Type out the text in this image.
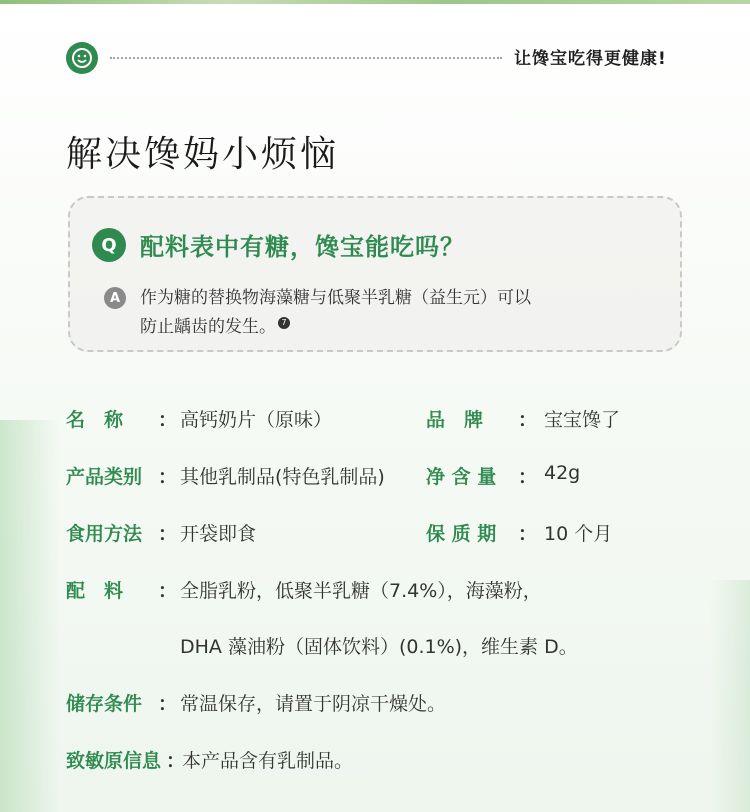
让馋宝吃得更健康!
解决馋妈小烦恼
Q 配料表中有糖，馋宝能吃吗？
A	作为糖的替换物海藻糖与低聚半乳糖（益生元）可以
防止龋齿的发生。 7
名　称 ： 高钙奶片（原味）	品　牌 ： 宝宝馋了
产品类别 ： 其他乳制品(特色乳制品) 净 含 量 ： 42g
食用方法 ： 开袋即食	保 质 期 ： 10 个月
配　料 ： 全脂乳粉，低聚半乳糖（7.4%），海藻粉，
DHA 藻油粉（固体饮料）(0.1%)，维生素 D。
储存条件 ： 常温保存，请置于阴凉干燥处。
致敏原信息 ：
本产品含有乳制品。
